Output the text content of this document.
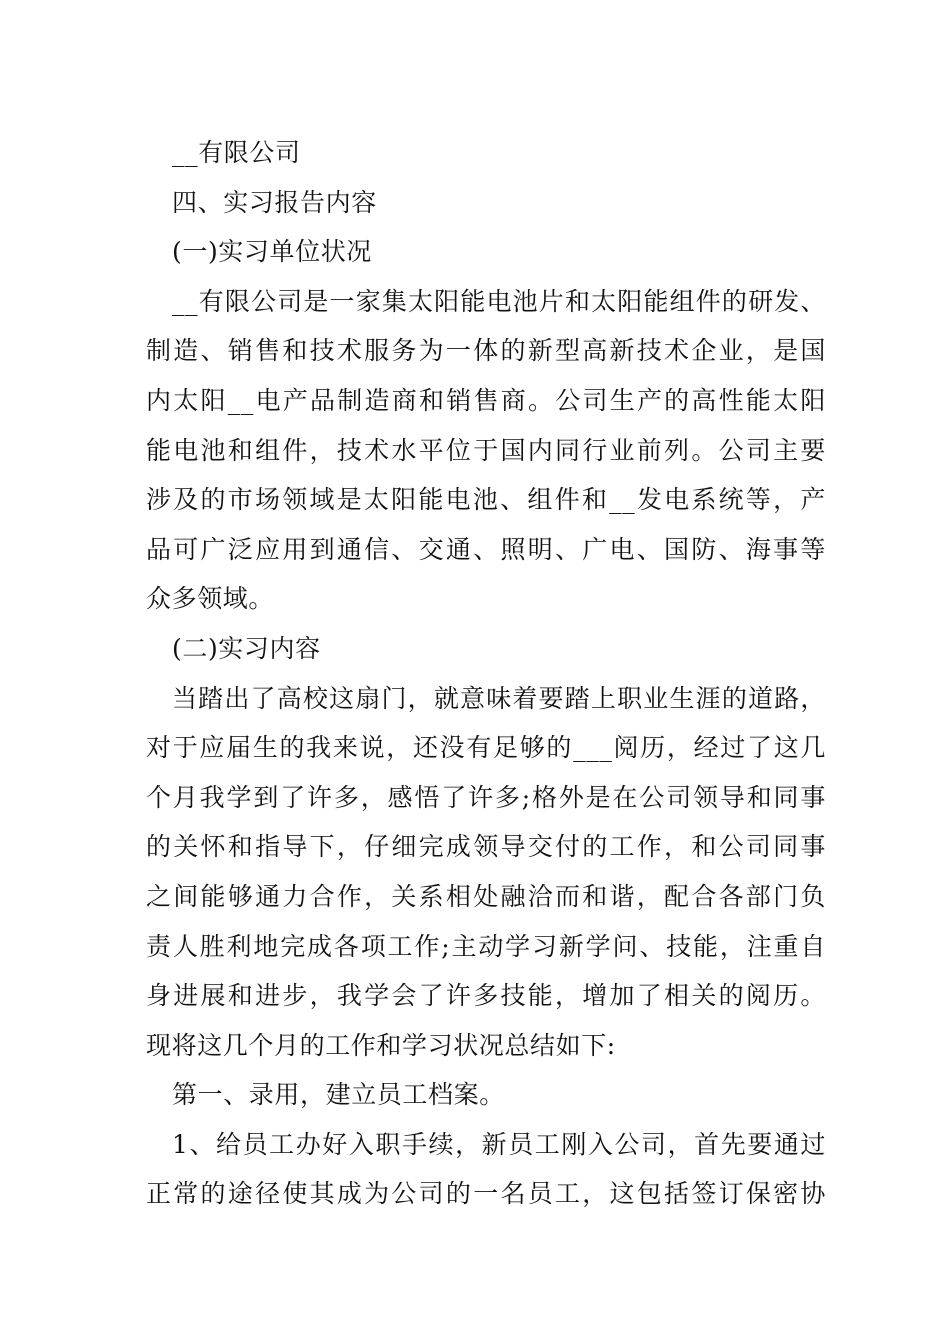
__有限公司
四、实习报告内容
(一)实习单位状况
__有限公司是一家集太阳能电池片和太阳能组件的研发、
制造、销售和技术服务为一体的新型高新技术企业，是国
内太阳__电产品制造商和销售商。公司生产的高性能太阳
能电池和组件，技术水平位于国内同行业前列。公司主要
涉及的市场领域是太阳能电池、组件和__发电系统等，产
品可广泛应用到通信、交通、照明、广电、国防、海事等
众多领域。
(二)实习内容
当踏出了高校这扇门，就意味着要踏上职业生涯的道路，
对于应届生的我来说，还没有足够的___阅历，经过了这几
个月我学到了许多，感悟了许多;格外是在公司领导和同事
的关怀和指导下，仔细完成领导交付的工作，和公司同事
之间能够通力合作，关系相处融洽而和谐，配合各部门负
责人胜利地完成各项工作;主动学习新学问、技能，注重自
身进展和进步，我学会了许多技能，增加了相关的阅历。
现将这几个月的工作和学习状况总结如下:
第一、录用，建立员工档案。
1、给员工办好入职手续，新员工刚入公司，首先要通过
正常的途径使其成为公司的一名员工，这包括签订保密协
